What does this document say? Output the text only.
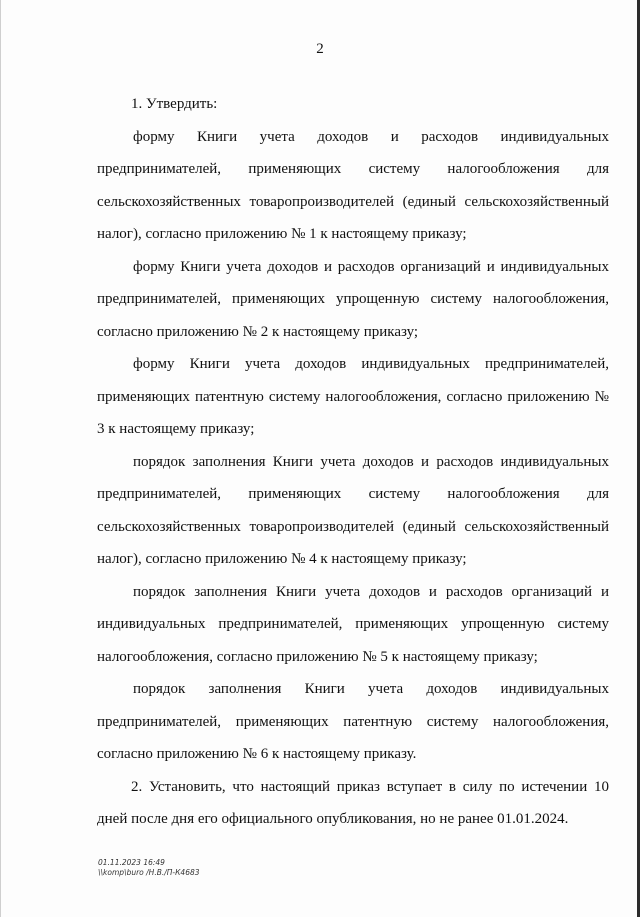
2

1. Утвердить:

форму Книги учета доходов и расходов индивидуальных предпринимателей, применяющих систему налогообложения для сельскохозяйственных товаропроизводителей (единый сельскохозяйственный налог), согласно приложению № 1 к настоящему приказу;

форму Книги учета доходов и расходов организаций и индивидуальных предпринимателей, применяющих упрощенную систему налогообложения, согласно приложению № 2 к настоящему приказу;

форму Книги учета доходов индивидуальных предпринимателей, применяющих патентную систему налогообложения, согласно приложению № 3 к настоящему приказу;

порядок заполнения Книги учета доходов и расходов индивидуальных предпринимателей, применяющих систему налогообложения для сельскохозяйственных товаропроизводителей (единый сельскохозяйственный налог), согласно приложению № 4 к настоящему приказу;

порядок заполнения Книги учета доходов и расходов организаций и индивидуальных предпринимателей, применяющих упрощенную систему налогообложения, согласно приложению № 5 к настоящему приказу;

порядок заполнения Книги учета доходов индивидуальных предпринимателей, применяющих патентную систему налогообложения, согласно приложению № 6 к настоящему приказу.

2. Установить, что настоящий приказ вступает в силу по истечении 10 дней после дня его официального опубликования, но не ранее 01.01.2024.

01.11.2023 16:49
\\komp\buro /Н.В./П-К4683
